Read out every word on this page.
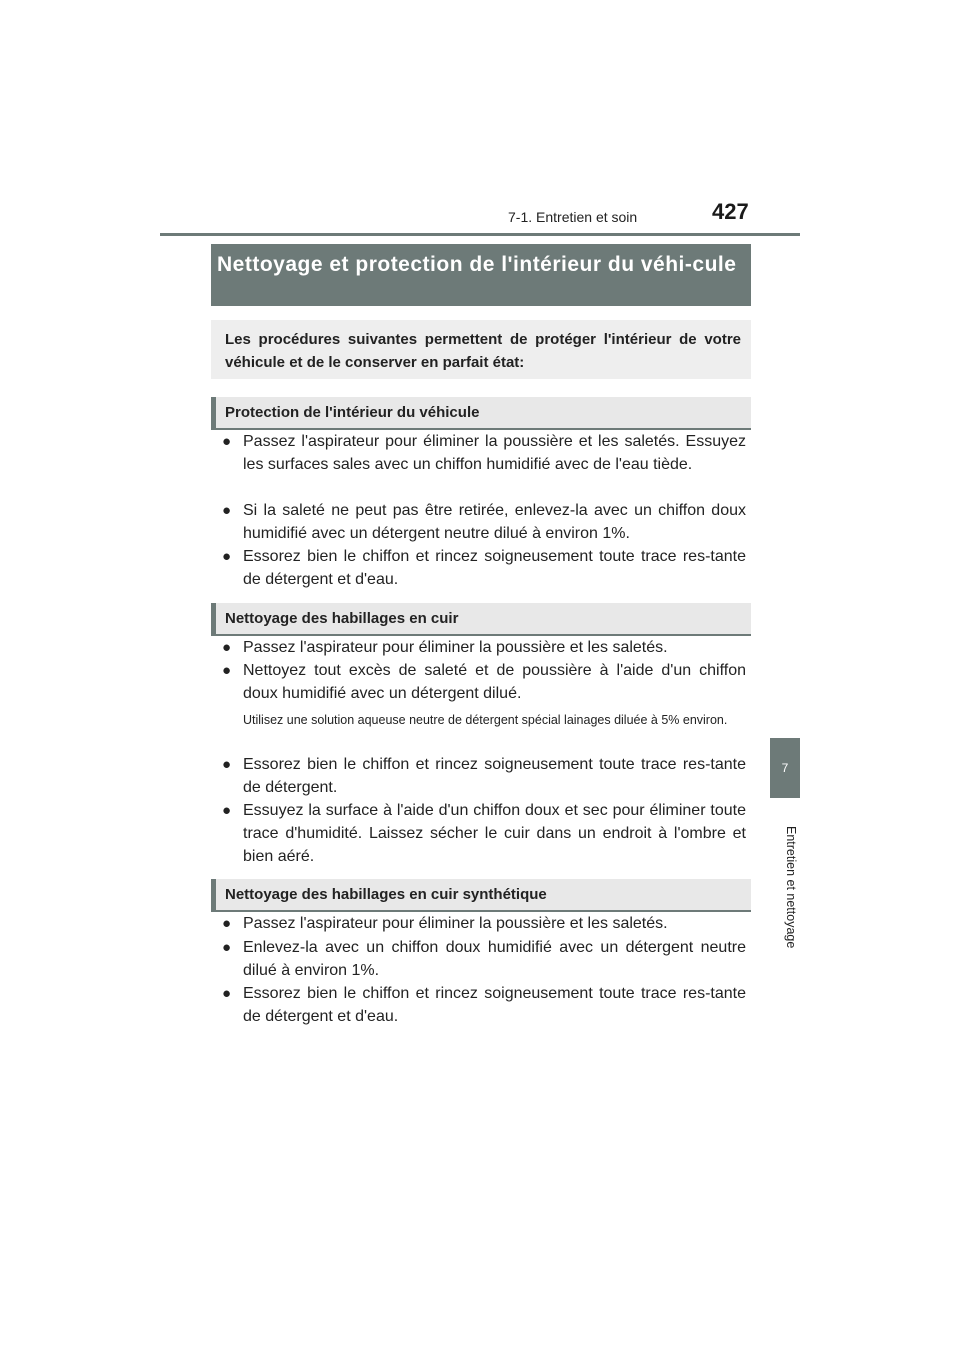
7-1. Entretien et soin	427
7
Entretien et nettoyage
Nettoyage et protection de l'intérieur du véhi-cule
Les procédures suivantes permettent de protéger l'intérieur de votre véhicule et de le conserver en parfait état:
Protection de l'intérieur du véhicule
● Passez l'aspirateur pour éliminer la poussière et les saletés. Essuyez les surfaces sales avec un chiffon humidifié avec de l'eau tiède.
● Si la saleté ne peut pas être retirée, enlevez-la avec un chiffon doux humidifié avec un détergent neutre dilué à environ 1%.
● Essorez bien le chiffon et rincez soigneusement toute trace res-tante de détergent et d'eau.
Nettoyage des habillages en cuir
● Passez l'aspirateur pour éliminer la poussière et les saletés.
● Nettoyez tout excès de saleté et de poussière à l'aide d'un chiffon doux humidifié avec un détergent dilué.
Utilisez une solution aqueuse neutre de détergent spécial lainages diluée à 5% environ.
● Essorez bien le chiffon et rincez soigneusement toute trace res-tante de détergent.
● Essuyez la surface à l'aide d'un chiffon doux et sec pour éliminer toute trace d'humidité. Laissez sécher le cuir dans un endroit à l'ombre et bien aéré.
Nettoyage des habillages en cuir synthétique
● Passez l'aspirateur pour éliminer la poussière et les saletés.
● Enlevez-la avec un chiffon doux humidifié avec un détergent neutre dilué à environ 1%.
● Essorez bien le chiffon et rincez soigneusement toute trace res-tante de détergent et d'eau.
